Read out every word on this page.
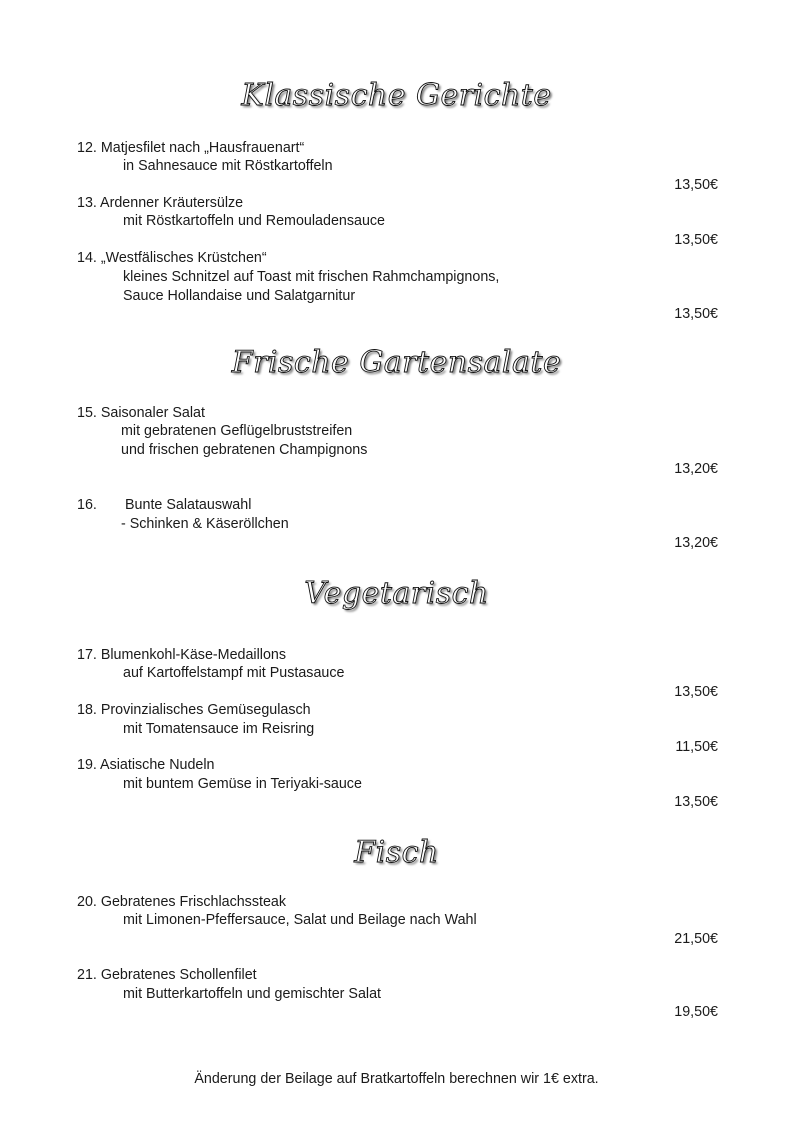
Klassische Gerichte
12. Matjesfilet nach „Hausfrauenart“
in Sahnesauce mit Röstkartoffeln
13,50€
13. Ardenner Kräutersülze
mit Röstkartoffeln und Remouladensauce
13,50€
14. „Westfälisches Krüstchen“
kleines Schnitzel auf Toast mit frischen Rahmchampignons,
Sauce Hollandaise und Salatgarnitur
13,50€
Frische Gartensalate
15. Saisonaler Salat
mit gebratenen Geflügelbruststreifen
und frischen gebratenen Champignons
13,20€
16. Bunte Salatauswahl
- Schinken & Käseröllchen
13,20€
Vegetarisch
17. Blumenkohl-Käse-Medaillons
auf Kartoffelstampf mit Pustasauce
13,50€
18. Provinzialisches Gemüsegulasch
mit Tomatensauce im Reisring
11,50€
19. Asiatische Nudeln
mit buntem Gemüse in Teriyaki-sauce
13,50€
Fisch
20. Gebratenes Frischlachssteak
mit Limonen-Pfeffersauce, Salat und Beilage nach Wahl
21,50€
21. Gebratenes Schollenfilet
mit Butterkartoffeln und gemischter Salat
19,50€
Änderung der Beilage auf Bratkartoffeln berechnen wir 1€ extra.
